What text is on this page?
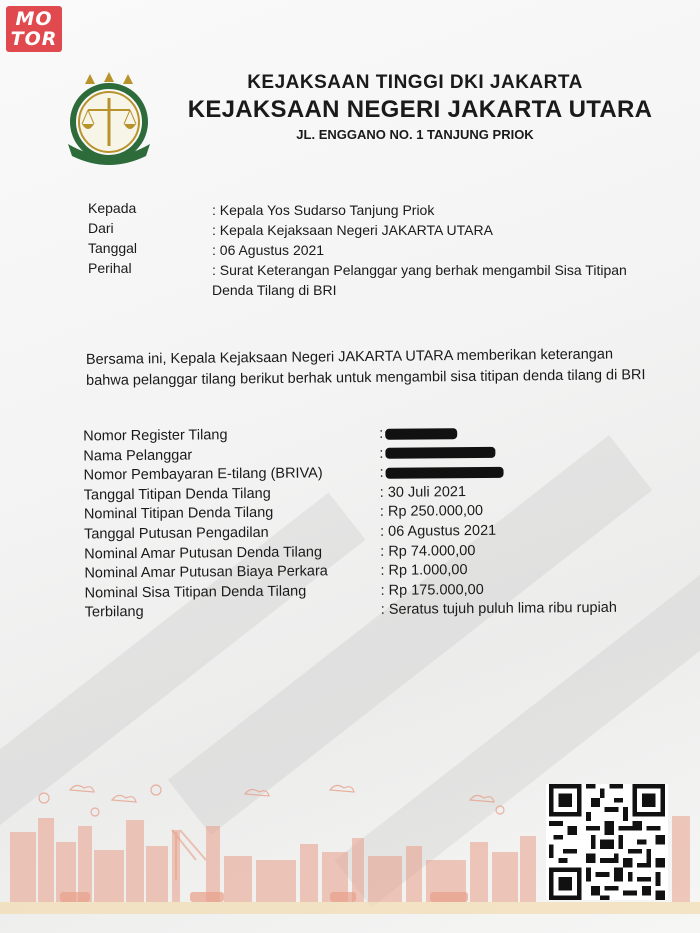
MO
TOR
KEJAKSAAN TINGGI DKI JAKARTA
KEJAKSAAN NEGERI JAKARTA UTARA
JL. ENGGANO NO. 1 TANJUNG PRIOK
Kepada	: Kepala Yos Sudarso Tanjung Priok
Dari	: Kepala Kejaksaan Negeri JAKARTA UTARA
Tanggal	: 06 Agustus 2021
Perihal	: Surat Keterangan Pelanggar yang berhak mengambil Sisa Titipan Denda Tilang di BRI
Bersama ini, Kepala Kejaksaan Negeri JAKARTA UTARA memberikan keterangan bahwa pelanggar tilang berikut berhak untuk mengambil sisa titipan denda tilang di BRI
Nomor Register Tilang	:
Nama Pelanggar	:
Nomor Pembayaran E-tilang (BRIVA)	:
Tanggal Titipan Denda Tilang	: 30 Juli 2021
Nominal Titipan Denda Tilang	: Rp 250.000,00
Tanggal Putusan Pengadilan	: 06 Agustus 2021
Nominal Amar Putusan Denda Tilang	: Rp 74.000,00
Nominal Amar Putusan Biaya Perkara	: Rp 1.000,00
Nominal Sisa Titipan Denda Tilang	: Rp 175.000,00
Terbilang	: Seratus tujuh puluh lima ribu rupiah
